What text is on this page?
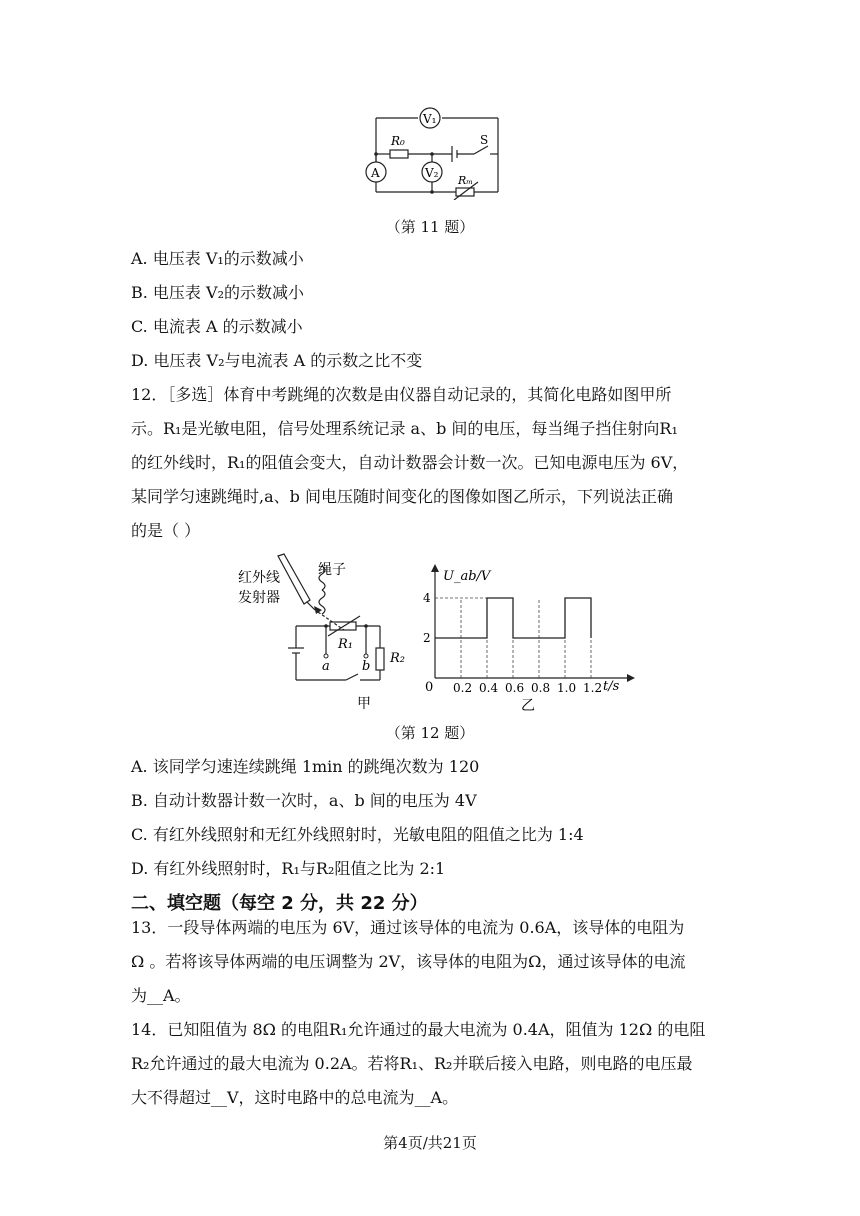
V₁
R₀	S
A	V₂
Rₘ
（第 11 题）
A. 电压表 V₁的示数减小
B. 电压表 V₂的示数减小
C. 电流表 A 的示数减小
D. 电压表 V₂与电流表 A 的示数之比不变
12．［多选］体育中考跳绳的次数是由仪器自动记录的，其简化电路如图甲所
示。R₁是光敏电阻，信号处理系统记录 a、b 间的电压，每当绳子挡住射向R₁
的红外线时，R₁的阻值会变大，自动计数器会计数一次。已知电源电压为 6V，
某同学匀速跳绳时,a、b 间电压随时间变化的图像如图乙所示，下列说法正确
的是（ ）
红外线
发射器
绳子
R₁
R₂
a b
甲
0.2 0.4 0.6 0.8 1.0 1.2
2
4
U_ab/V
t/s
0
乙
（第 12 题）
A. 该同学匀速连续跳绳 1min 的跳绳次数为 120
B. 自动计数器计数一次时，a、b 间的电压为 4V
C. 有红外线照射和无红外线照射时，光敏电阻的阻值之比为 1:4
D. 有红外线照射时，R₁与R₂阻值之比为 2:1
二、填空题（每空 2 分，共 22 分）
13．一段导体两端的电压为 6V，通过该导体的电流为 0.6A，该导体的电阻为
Ω 。若将该导体两端的电压调整为 2V，该导体的电阻为Ω，通过该导体的电流
为__A。
14．已知阻值为 8Ω 的电阻R₁允许通过的最大电流为 0.4A，阻值为 12Ω 的电阻
R₂允许通过的最大电流为 0.2A。若将R₁、R₂并联后接入电路，则电路的电压最
大不得超过__V，这时电路中的总电流为__A。
第4页/共21页
